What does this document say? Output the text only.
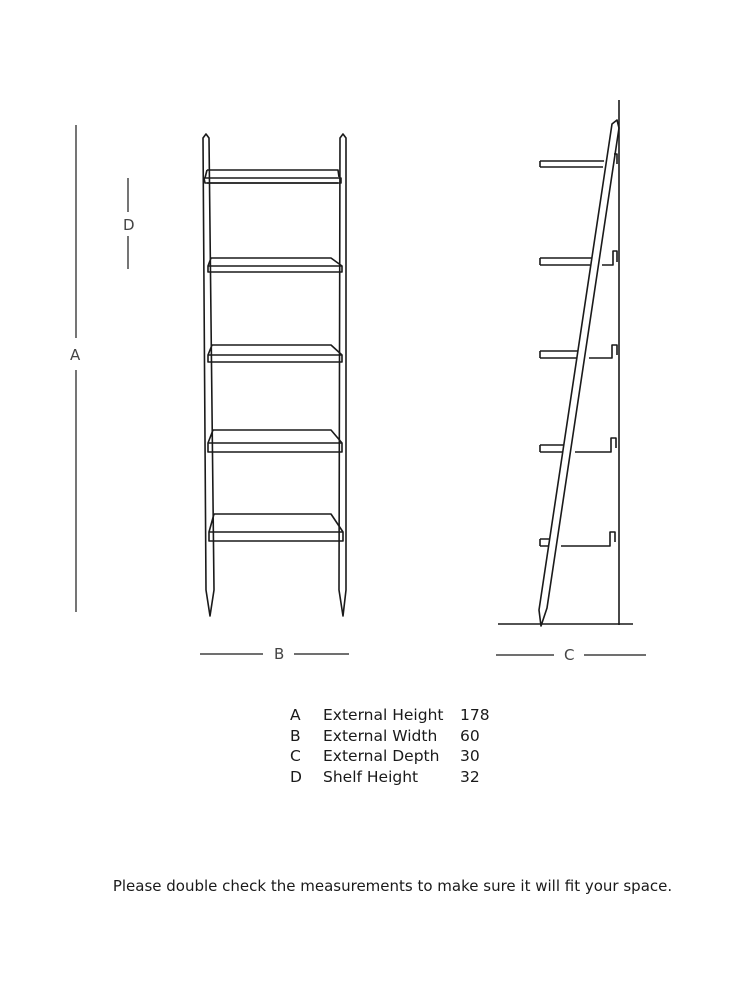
A
D
B	C
A	External Height	178
B	External Width	60
C	External Depth	30
D	Shelf Height	32
Please double check the measurements to make sure it will fit your space.
